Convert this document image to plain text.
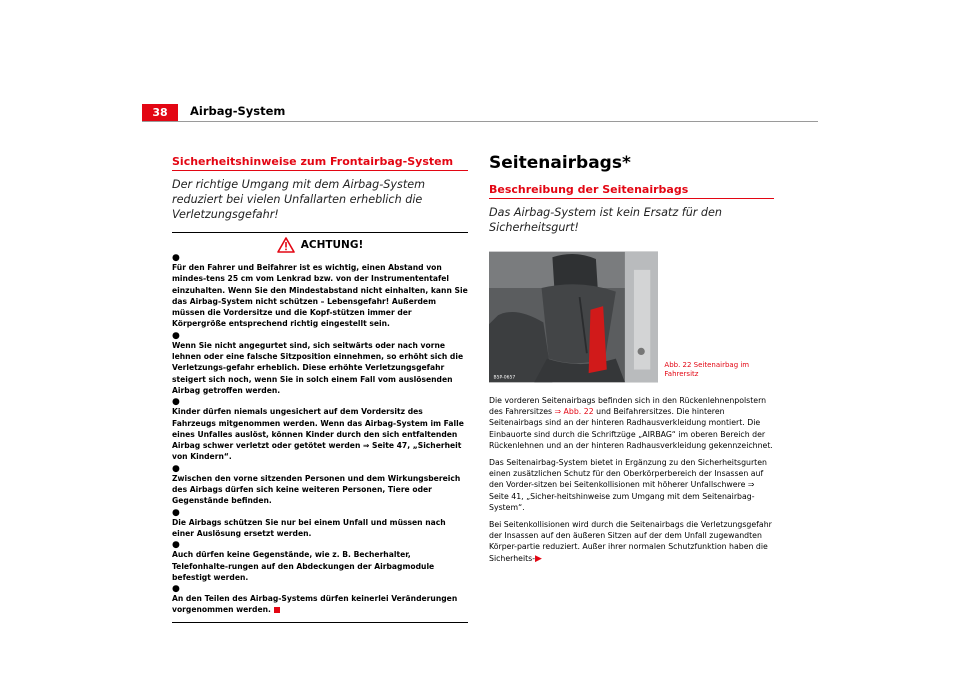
38	Airbag-System
Sicherheitshinweise zum Frontairbag-System

Der richtige Umgang mit dem Airbag-System reduziert bei vielen Unfallarten erheblich die Verletzungsgefahr!

ACHTUNG!

●
Für den Fahrer und Beifahrer ist es wichtig, einen Abstand von mindes-tens 25 cm vom Lenkrad bzw. von der Instrumententafel einzuhalten. Wenn Sie den Mindestabstand nicht einhalten, kann Sie das Airbag-System nicht schützen – Lebensgefahr! Außerdem müssen die Vordersitze und die Kopf-stützen immer der Körpergröße entsprechend richtig eingestellt sein.

●
Wenn Sie nicht angegurtet sind, sich seitwärts oder nach vorne lehnen oder eine falsche Sitzposition einnehmen, so erhöht sich die Verletzungs-gefahr erheblich. Diese erhöhte Verletzungsgefahr steigert sich noch, wenn Sie in solch einem Fall vom auslösenden Airbag getroffen werden.

●
Kinder dürfen niemals ungesichert auf dem Vordersitz des Fahrzeugs mitgenommen werden. Wenn das Airbag-System im Falle eines Unfalles auslöst, können Kinder durch den sich entfaltenden Airbag schwer verletzt oder getötet werden ⇒ Seite 47, „Sicherheit von Kindern“.

●
Zwischen den vorne sitzenden Personen und dem Wirkungsbereich des Airbags dürfen sich keine weiteren Personen, Tiere oder Gegenstände befinden.

●
Die Airbags schützen Sie nur bei einem Unfall und müssen nach einer Auslösung ersetzt werden.

●
Auch dürfen keine Gegenstände, wie z. B. Becherhalter, Telefonhalte-rungen auf den Abdeckungen der Airbagmodule befestigt werden.

●
An den Teilen des Airbag-Systems dürfen keinerlei Veränderungen vorgenommen werden.

Seitenairbags*
Beschreibung der Seitenairbags

Das Airbag-System ist kein Ersatz für den Sicherheitsgurt!

B5P-0657
Abb. 22 Seitenairbag im Fahrersitz

Die vorderen Seitenairbags befinden sich in den Rückenlehnenpolstern des Fahrersitzes ⇒ Abb. 22 und Beifahrersitzes. Die hinteren Seitenairbags sind an der hinteren Radhausverkleidung montiert. Die Einbauorte sind durch die Schriftzüge „AIRBAG“ im oberen Bereich der Rückenlehnen und an der hinteren Radhausverkleidung gekennzeichnet.

Das Seitenairbag-System bietet in Ergänzung zu den Sicherheitsgurten einen zusätzlichen Schutz für den Oberkörperbereich der Insassen auf den Vorder-sitzen bei Seitenkollisionen mit höherer Unfallschwere ⇒ Seite 41, „Sicher-heitshinweise zum Umgang mit dem Seitenairbag-System“.

Bei Seitenkollisionen wird durch die Seitenairbags die Verletzungsgefahr der Insassen auf den äußeren Sitzen auf der dem Unfall zugewandten Körper-partie reduziert. Außer ihrer normalen Schutzfunktion haben die Sicherheits-▶
